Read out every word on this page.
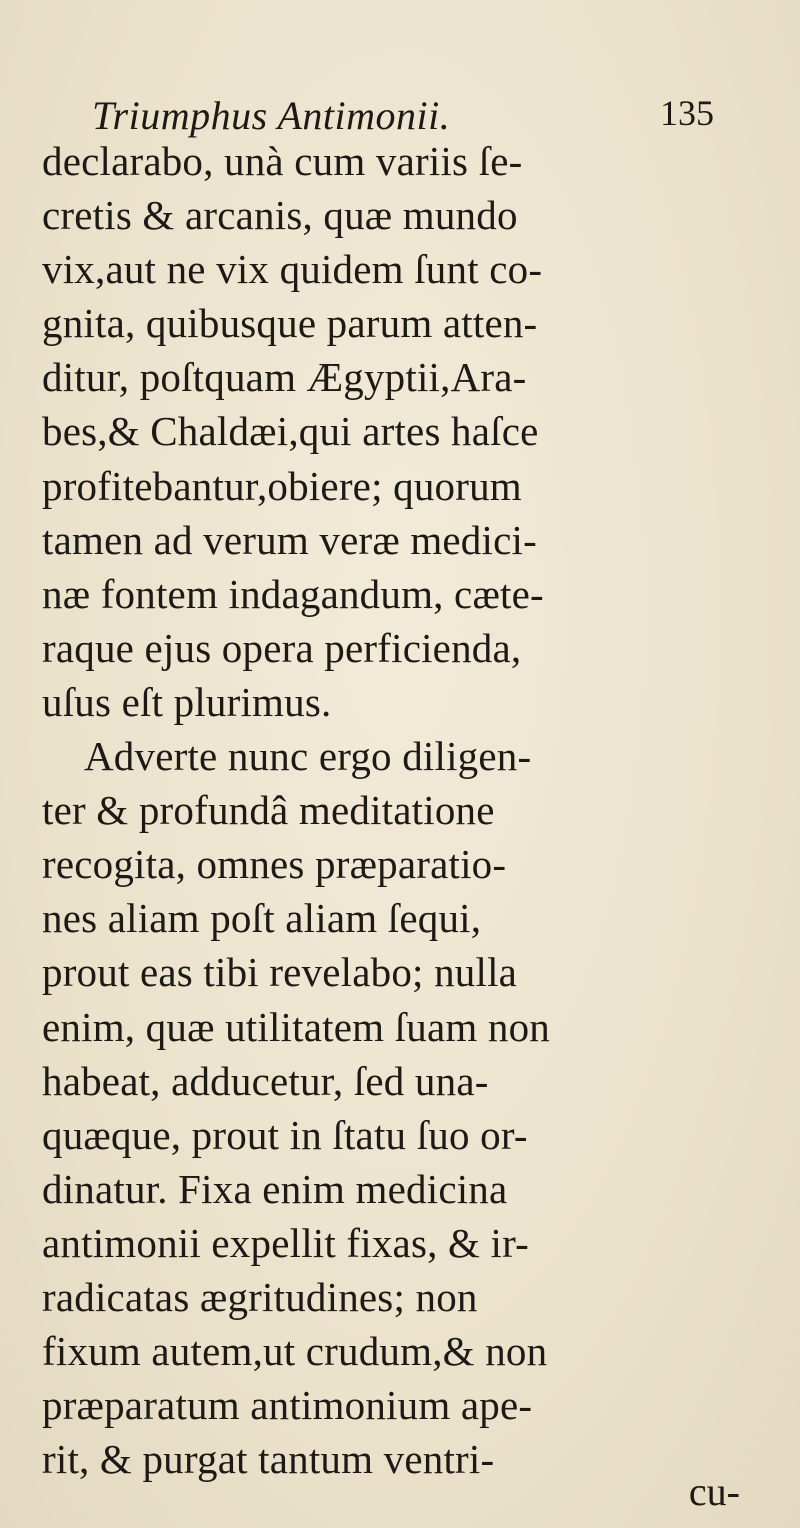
Triumphus Antimonii.	135
declarabo, unà cum variis ſe-
cretis & arcanis, quæ mundo
vix,aut ne vix quidem ſunt co-
gnita, quibusque parum atten-
ditur, poſtquam Ægyptii,Ara-
bes,& Chaldæi,qui artes haſce
profitebantur,obiere; quorum
tamen ad verum veræ medici-
næ fontem indagandum, cæte-
raque ejus opera perficienda,
uſus eſt plurimus.
Adverte nunc ergo diligen-
ter & profundâ meditatione
recogita, omnes præparatio-
nes aliam poſt aliam ſequi,
prout eas tibi revelabo; nulla
enim, quæ utilitatem ſuam non
habeat, adducetur, ſed una-
quæque, prout in ſtatu ſuo or-
dinatur. Fixa enim medicina
antimonii expellit fixas, & ir-
radicatas ægritudines; non
fixum autem,ut crudum,& non
præparatum antimonium ape-
rit, & purgat tantum ventri-
cu-
